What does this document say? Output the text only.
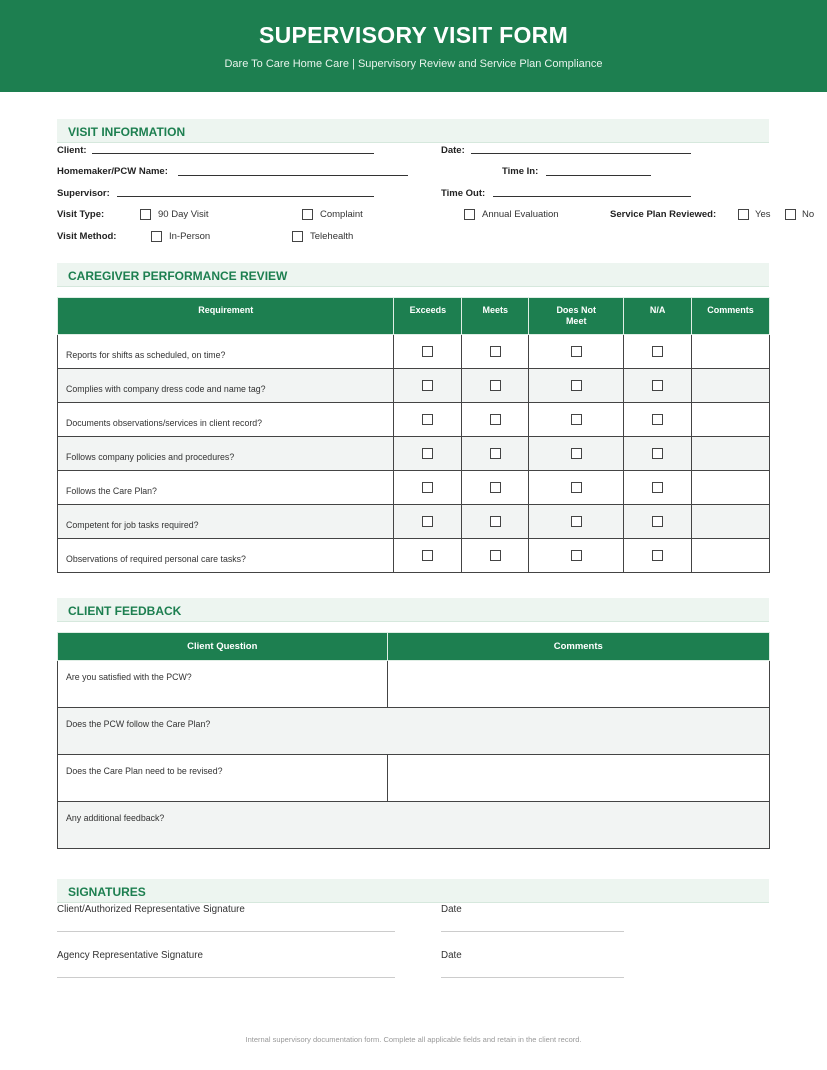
SUPERVISORY VISIT FORM
Dare To Care Home Care | Supervisory Review and Service Plan Compliance
VISIT INFORMATION
Client:	Date:
Homemaker/PCW Name:	Time In:
Supervisor:	Time Out:
Visit Type:	90 Day Visit	Complaint	Annual Evaluation	Service Plan Reviewed:	Yes	No
Visit Method:	In-Person	Telehealth
CAREGIVER PERFORMANCE REVIEW
Requirement	Exceeds	Meets	Does Not Meet	N/A	Comments
Reports for shifts as scheduled, on time?					
Complies with company dress code and name tag?					
Documents observations/services in client record?					
Follows company policies and procedures?					
Follows the Care Plan?					
Competent for job tasks required?					
Observations of required personal care tasks?					
CLIENT FEEDBACK
Client Question	Comments
Are you satisfied with the PCW?	
Does the PCW follow the Care Plan?	
Does the Care Plan need to be revised?	
Any additional feedback?	
SIGNATURES
Client/Authorized Representative Signature	Date
Agency Representative Signature	Date
Internal supervisory documentation form. Complete all applicable fields and retain in the client record.
